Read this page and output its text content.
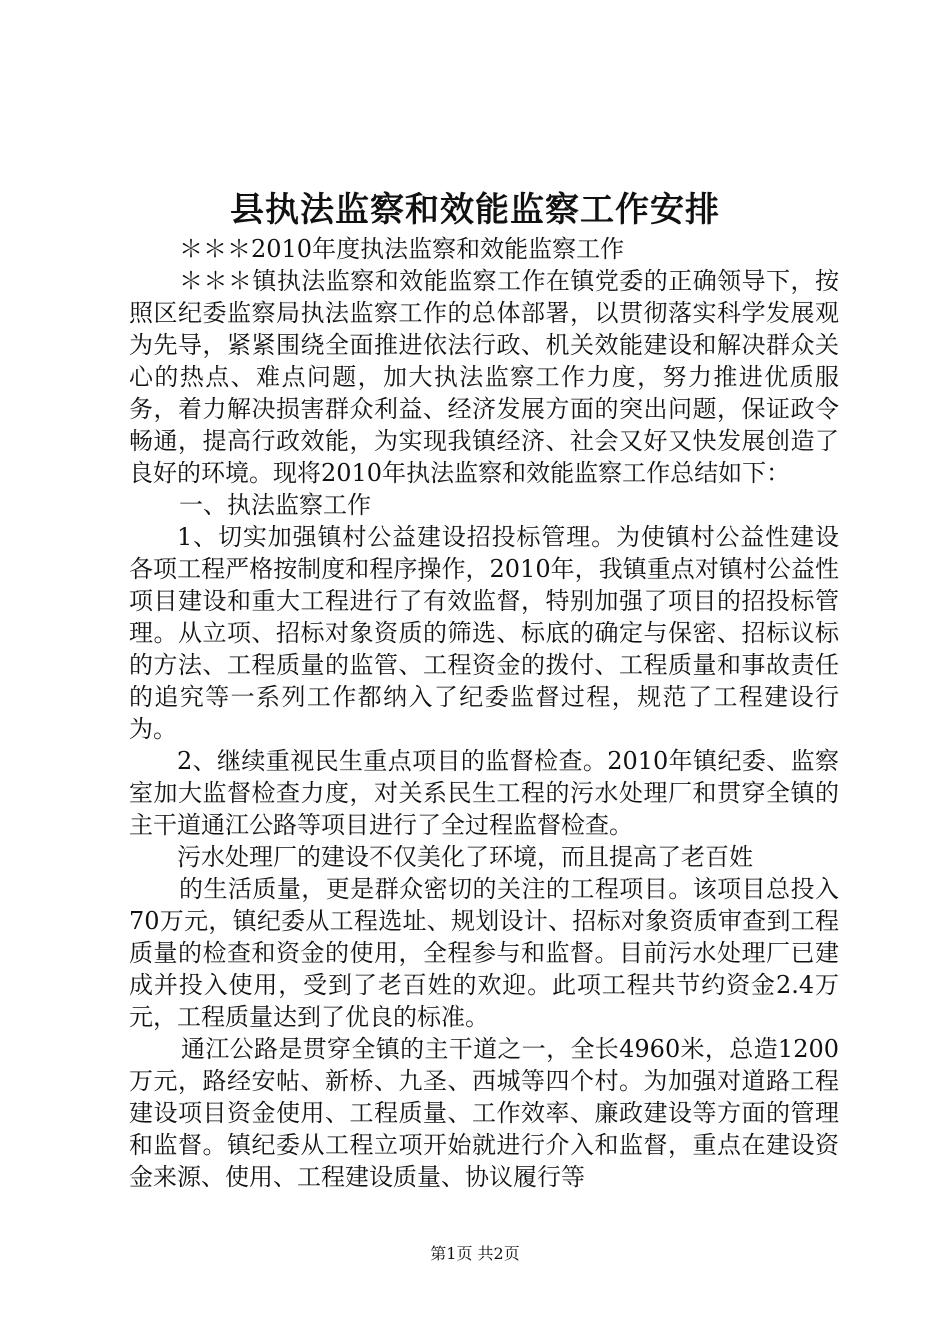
县执法监察和效能监察工作安排

＊＊＊2010年度执法监察和效能监察工作

＊＊＊镇执法监察和效能监察工作在镇党委的正确领导下，按照区纪委监察局执法监察工作的总体部署，以贯彻落实科学发展观为先导，紧紧围绕全面推进依法行政、机关效能建设和解决群众关心的热点、难点问题，加大执法监察工作力度，努力推进优质服务，着力解决损害群众利益、经济发展方面的突出问题，保证政令畅通，提高行政效能，为实现我镇经济、社会又好又快发展创造了良好的环境。现将2010年执法监察和效能监察工作总结如下：

一、执法监察工作

1、切实加强镇村公益建设招投标管理。为使镇村公益性建设各项工程严格按制度和程序操作，2010年，我镇重点对镇村公益性项目建设和重大工程进行了有效监督，特别加强了项目的招投标管理。从立项、招标对象资质的筛选、标底的确定与保密、招标议标的方法、工程质量的监管、工程资金的拨付、工程质量和事故责任的追究等一系列工作都纳入了纪委监督过程，规范了工程建设行为。

2、继续重视民生重点项目的监督检查。2010年镇纪委、监察室加大监督检查力度，对关系民生工程的污水处理厂和贯穿全镇的主干道通江公路等项目进行了全过程监督检查。

污水处理厂的建设不仅美化了环境，而且提高了老百姓

的生活质量，更是群众密切的关注的工程项目。该项目总投入70万元，镇纪委从工程选址、规划设计、招标对象资质审查到工程质量的检查和资金的使用，全程参与和监督。目前污水处理厂已建成并投入使用，受到了老百姓的欢迎。此项工程共节约资金2.4万元，工程质量达到了优良的标准。

通江公路是贯穿全镇的主干道之一，全长4960米，总造1200万元，路经安帖、新桥、九圣、西城等四个村。为加强对道路工程建设项目资金使用、工程质量、工作效率、廉政建设等方面的管理和监督。镇纪委从工程立项开始就进行介入和监督，重点在建设资金来源、使用、工程建设质量、协议履行等

第1页 共2页
